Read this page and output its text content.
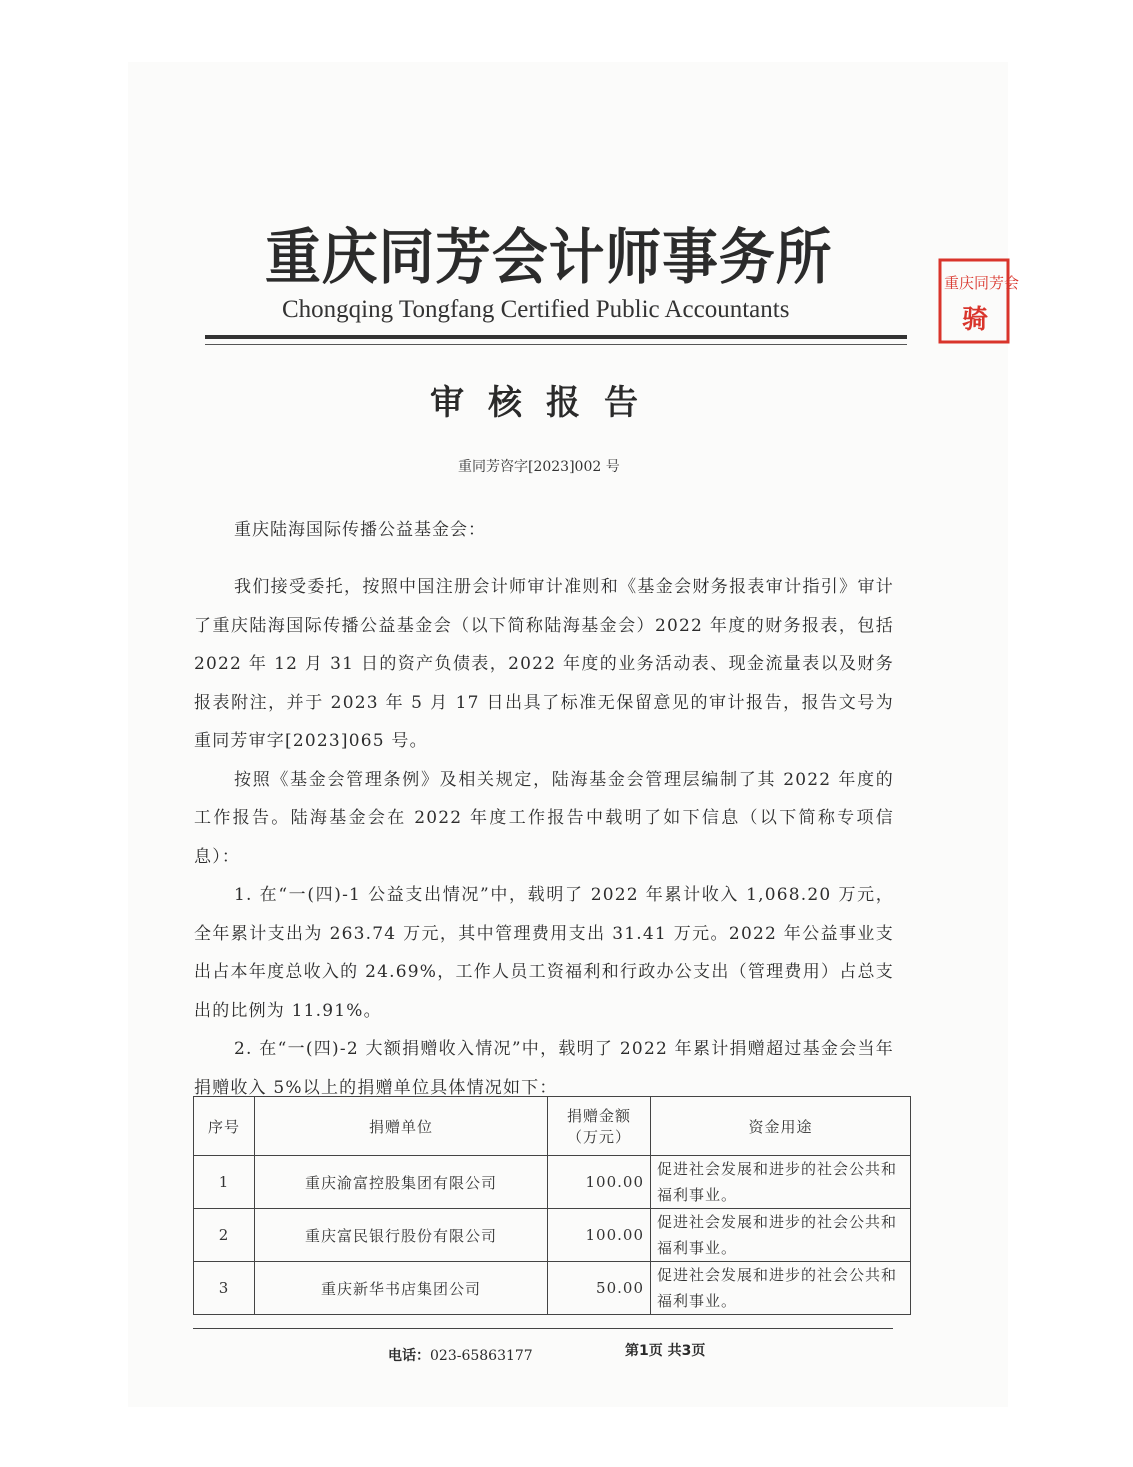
重庆同芳会计师事务所
Chongqing Tongfang Certified Public Accountants
重庆同芳会
骑
审核报告
重同芳咨字[2023]002 号
重庆陆海国际传播公益基金会：

我们接受委托，按照中国注册会计师审计准则和《基金会财务报表审计指引》审计了重庆陆海国际传播公益基金会（以下简称陆海基金会）2022 年度的财务报表，包括 2022 年 12 月 31 日的资产负债表，2022 年度的业务活动表、现金流量表以及财务报表附注，并于 2023 年 5 月 17 日出具了标准无保留意见的审计报告，报告文号为重同芳审字[2023]065 号。

按照《基金会管理条例》及相关规定，陆海基金会管理层编制了其 2022 年度的工作报告。陆海基金会在 2022 年度工作报告中载明了如下信息（以下简称专项信息）：

1. 在“一(四)-1 公益支出情况”中，载明了 2022 年累计收入 1,068.20 万元，全年累计支出为 263.74 万元，其中管理费用支出 31.41 万元。2022 年公益事业支出占本年度总收入的 24.69%，工作人员工资福利和行政办公支出（管理费用）占总支出的比例为 11.91%。

2. 在“一(四)-2 大额捐赠收入情况”中，载明了 2022 年累计捐赠超过基金会当年捐赠收入 5%以上的捐赠单位具体情况如下：

序号	捐赠单位	捐赠金额（万元）	资金用途
1	重庆渝富控股集团有限公司	100.00	促进社会发展和进步的社会公共和福利事业。
2	重庆富民银行股份有限公司	100.00	促进社会发展和进步的社会公共和福利事业。
3	重庆新华书店集团公司	50.00	促进社会发展和进步的社会公共和福利事业。
电话：023-65863177	第1页 共3页
